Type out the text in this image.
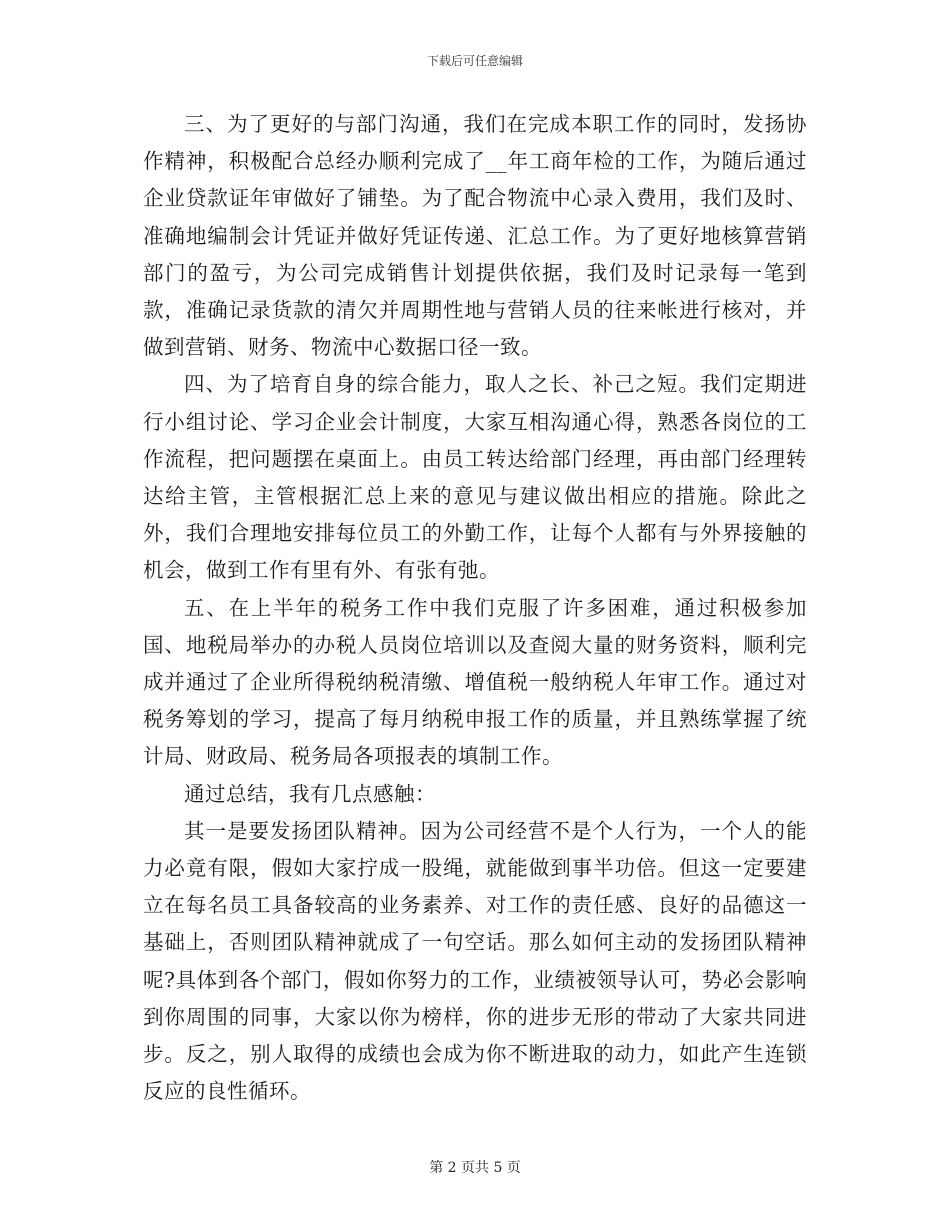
下载后可任意编辑

三、为了更好的与部门沟通，我们在完成本职工作的同时，发扬协作精神，积极配合总经办顺利完成了__年工商年检的工作，为随后通过企业贷款证年审做好了铺垫。为了配合物流中心录入费用，我们及时、准确地编制会计凭证并做好凭证传递、汇总工作。为了更好地核算营销部门的盈亏，为公司完成销售计划提供依据，我们及时记录每一笔到款，准确记录货款的清欠并周期性地与营销人员的往来帐进行核对，并做到营销、财务、物流中心数据口径一致。

四、为了培育自身的综合能力，取人之长、补己之短。我们定期进行小组讨论、学习企业会计制度，大家互相沟通心得，熟悉各岗位的工作流程，把问题摆在桌面上。由员工转达给部门经理，再由部门经理转达给主管，主管根据汇总上来的意见与建议做出相应的措施。除此之外，我们合理地安排每位员工的外勤工作，让每个人都有与外界接触的机会，做到工作有里有外、有张有弛。

五、在上半年的税务工作中我们克服了许多困难，通过积极参加国、地税局举办的办税人员岗位培训以及查阅大量的财务资料，顺利完成并通过了企业所得税纳税清缴、增值税一般纳税人年审工作。通过对税务筹划的学习，提高了每月纳税申报工作的质量，并且熟练掌握了统计局、财政局、税务局各项报表的填制工作。

通过总结，我有几点感触：

其一是要发扬团队精神。因为公司经营不是个人行为，一个人的能力必竟有限，假如大家拧成一股绳，就能做到事半功倍。但这一定要建立在每名员工具备较高的业务素养、对工作的责任感、良好的品德这一基础上，否则团队精神就成了一句空话。那么如何主动的发扬团队精神呢?具体到各个部门，假如你努力的工作，业绩被领导认可，势必会影响到你周围的同事，大家以你为榜样，你的进步无形的带动了大家共同进步。反之，别人取得的成绩也会成为你不断进取的动力，如此产生连锁反应的良性循环。

第 2 页共 5 页
